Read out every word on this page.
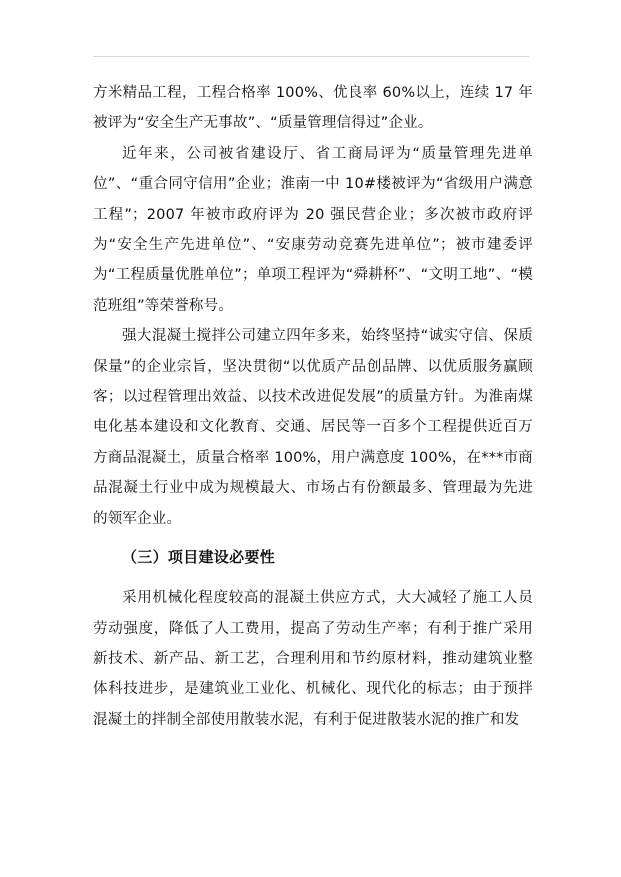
方米精品工程，工程合格率 100%、优良率 60%以上，连续 17 年被评为“安全生产无事故”、“质量管理信得过”企业。

近年来，公司被省建设厅、省工商局评为“质量管理先进单位”、“重合同守信用”企业；淮南一中 10#楼被评为“省级用户满意工程”；2007 年被市政府评为 20 强民营企业；多次被市政府评为“安全生产先进单位”、“安康劳动竞赛先进单位”；被市建委评为“工程质量优胜单位”；单项工程评为“舜耕杯”、“文明工地”、“模范班组”等荣誉称号。

强大混凝土搅拌公司建立四年多来，始终坚持“诚实守信、保质保量”的企业宗旨，坚决贯彻“以优质产品创品牌、以优质服务赢顾客；以过程管理出效益、以技术改进促发展”的质量方针。为淮南煤电化基本建设和文化教育、交通、居民等一百多个工程提供近百万方商品混凝土，质量合格率 100%，用户满意度 100%，在***市商品混凝土行业中成为规模最大、市场占有份额最多、管理最为先进的领军企业。

（三）项目建设必要性

采用机械化程度较高的混凝土供应方式，大大减轻了施工人员劳动强度，降低了人工费用，提高了劳动生产率；有利于推广采用新技术、新产品、新工艺，合理利用和节约原材料，推动建筑业整体科技进步，是建筑业工业化、机械化、现代化的标志；由于预拌混凝土的拌制全部使用散装水泥，有利于促进散装水泥的推广和发
